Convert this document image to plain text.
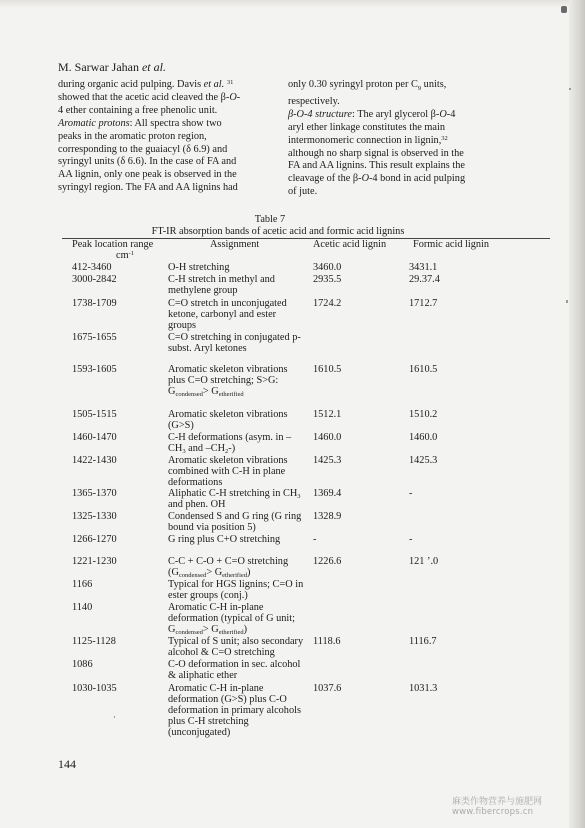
M. Sarwar Jahan et al.

during organic acid pulping. Davis et al. $^{31}$

showed that the acetic acid cleaved the β-O-

4 ether containing a free phenolic unit.

Aromatic protons: All spectra show two

peaks in the aromatic proton region,

corresponding to the guaiacyl (δ 6.9) and

syringyl units (δ 6.6). In the case of FA and

AA lignin, only one peak is observed in the

syringyl region. The FA and AA lignins had

only 0.30 syringyl proton per $C_9$ units,

respectively.

β-O-4 structure: The aryl glycerol β-O-4

aryl ether linkage constitutes the main

intermonomeric connection in lignin,$^{32}$

although no sharp signal is observed in the

FA and AA lignins. This result explains the

cleavage of the β-O-4 bond in acid pulping

of jute.

Table 7
FT-IR absorption bands of acetic acid and formic acid lignins
Peak location range
$cm^{-1}$
Assignment	Acetic acid lignin	Formic acid lignin
412-3460	O-H stretching	3460.0	3431.1
3000-2842	C-H stretch in methyl and
methylene group
2935.5	29.37.4
1738-1709	C=O stretch in unconjugated
ketone, carbonyl and ester
groups
1724.2	1712.7
1675-1655	C=O stretching in conjugated p-
subst. Aryl ketones
1593-1605	Aromatic skeleton vibrations
plus C=O stretching; S>G:
$G_{condensed}> G_{etherified}$
1610.5	1610.5
1505-1515	Aromatic skeleton vibrations
(G>S)
1512.1	1510.2
1460-1470	C-H deformations (asym. in –
$CH_3$ and $-CH_2-$)
1460.0	1460.0
1422-1430	Aromatic skeleton vibrations
combined with C-H in plane
deformations
1425.3	1425.3
1365-1370	Aliphatic C-H stretching in $CH_3$
and phen. OH
1369.4	-
1325-1330	Condensed S and G ring (G ring
bound via position 5)
1328.9
1266-1270	G ring plus C+O stretching	-	-
1221-1230	C-C + C-O + C=O stretching
$(G_{condensed}> G_{etherified})$
1226.6	121 ʼ.0
1166	Typical for HGS lignins; C=O in
ester groups (conj.)
1140	Aromatic C-H in-plane
deformation (typical of G unit;
$G_{condensed}> G_{etherified}$)
1125-1128	Typical of S unit; also secondary
alcohol & C=O stretching
1118.6	1116.7
1086	C-O deformation in sec. alcohol
& aliphatic ether
1030-1035	Aromatic C-H in-plane
deformation (G>S) plus C-O
deformation in primary alcohols
plus C-H stretching
(unconjugated)
1037.6	1031.3
144
麻类作物营养与施肥网
www.fibercrops.cn
